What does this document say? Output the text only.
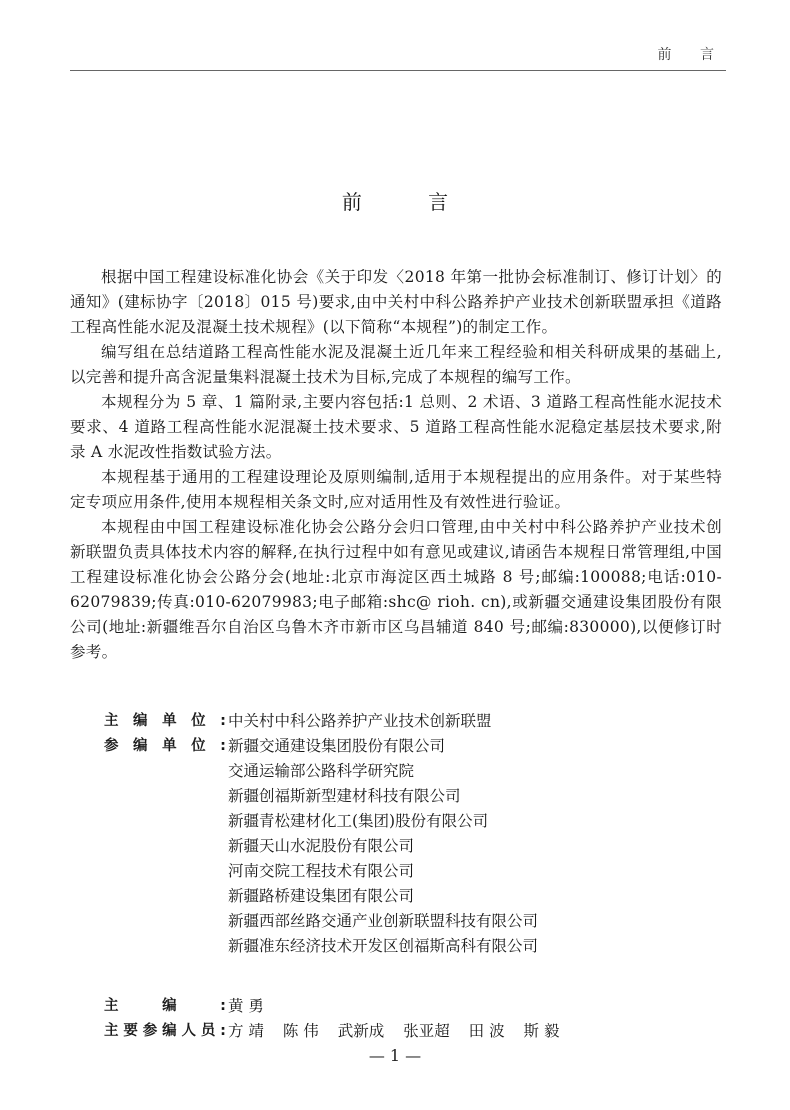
前 言
前 言

根据中国工程建设标准化协会《关于印发〈2018 年第一批协会标准制订、修订计划〉的通知》(建标协字〔2018〕015 号)要求,由中关村中科公路养护产业技术创新联盟承担《道路工程高性能水泥及混凝土技术规程》(以下简称“本规程”)的制定工作。

编写组在总结道路工程高性能水泥及混凝土近几年来工程经验和相关科研成果的基础上,以完善和提升高含泥量集料混凝土技术为目标,完成了本规程的编写工作。

本规程分为 5 章、1 篇附录,主要内容包括:1 总则、2 术语、3 道路工程高性能水泥技术要求、4 道路工程高性能水泥混凝土技术要求、5 道路工程高性能水泥稳定基层技术要求,附录 A 水泥改性指数试验方法。

本规程基于通用的工程建设理论及原则编制,适用于本规程提出的应用条件。对于某些特定专项应用条件,使用本规程相关条文时,应对适用性及有效性进行验证。

本规程由中国工程建设标准化协会公路分会归口管理,由中关村中科公路养护产业技术创新联盟负责具体技术内容的解释,在执行过程中如有意见或建议,请函告本规程日常管理组,中国工程建设标准化协会公路分会(地址:北京市海淀区西土城路 8 号;邮编:100088;电话:010-62079839;传真:010-62079983;电子邮箱:shc@ rioh. cn),或新疆交通建设集团股份有限公司(地址:新疆维吾尔自治区乌鲁木齐市新市区乌昌辅道 840 号;邮编:830000),以便修订时参考。

主编单位: 中关村中科公路养护产业技术创新联盟
参编单位: 新疆交通建设集团股份有限公司
交通运输部公路科学研究院
新疆创福斯新型建材科技有限公司
新疆青松建材化工(集团)股份有限公司
新疆天山水泥股份有限公司
河南交院工程技术有限公司
新疆路桥建设集团有限公司
新疆西部丝路交通产业创新联盟科技有限公司
新疆准东经济技术开发区创福斯高科有限公司
主编: 黄 勇
主要参编人员: 方 靖 陈 伟 武新成 张亚超 田 波 斯 毅
— 1 —
